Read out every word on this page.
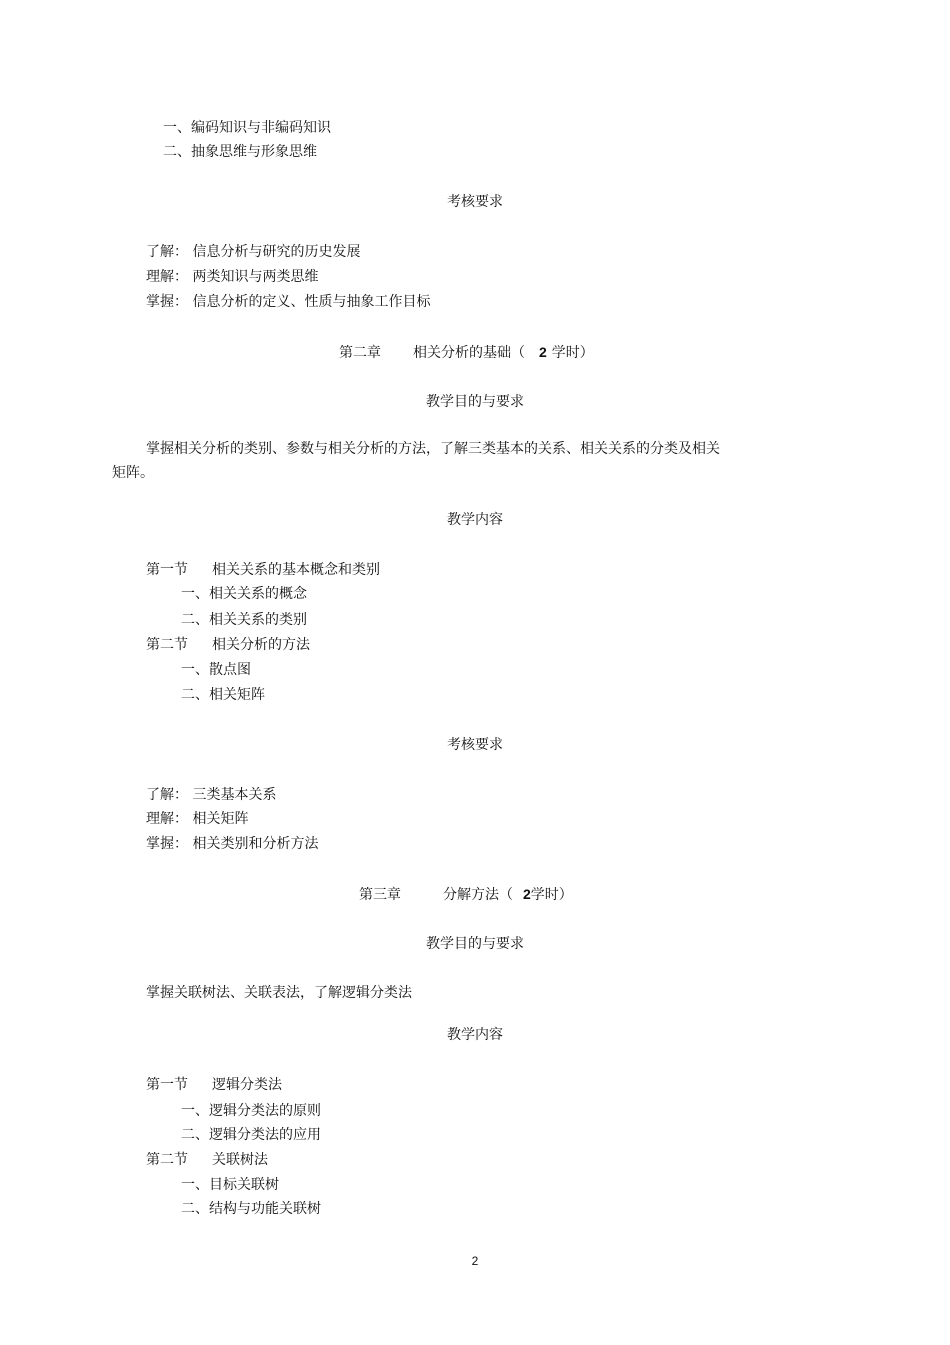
一、编码知识与非编码知识
二、抽象思维与形象思维
考核要求
了解： 信息分析与研究的历史发展
理解： 两类知识与两类思维
掌握： 信息分析的定义、性质与抽象工作目标
第二章 相关分析的基础（ 2 学时）
教学目的与要求
掌握相关分析的类别、参数与相关分析的方法，了解三类基本的关系、相关关系的分类及相关
矩阵。
教学内容
第一节 相关关系的基本概念和类别
一、相关关系的概念
二、相关关系的类别
第二节 相关分析的方法
一、散点图
二、相关矩阵
考核要求
了解： 三类基本关系
理解： 相关矩阵
掌握： 相关类别和分析方法
第三章	分解方法（ 2学时）
教学目的与要求
掌握关联树法、关联表法，了解逻辑分类法
教学内容
第一节 逻辑分类法
一、逻辑分类法的原则
二、逻辑分类法的应用
第二节 关联树法
一、目标关联树
二、结构与功能关联树
2
